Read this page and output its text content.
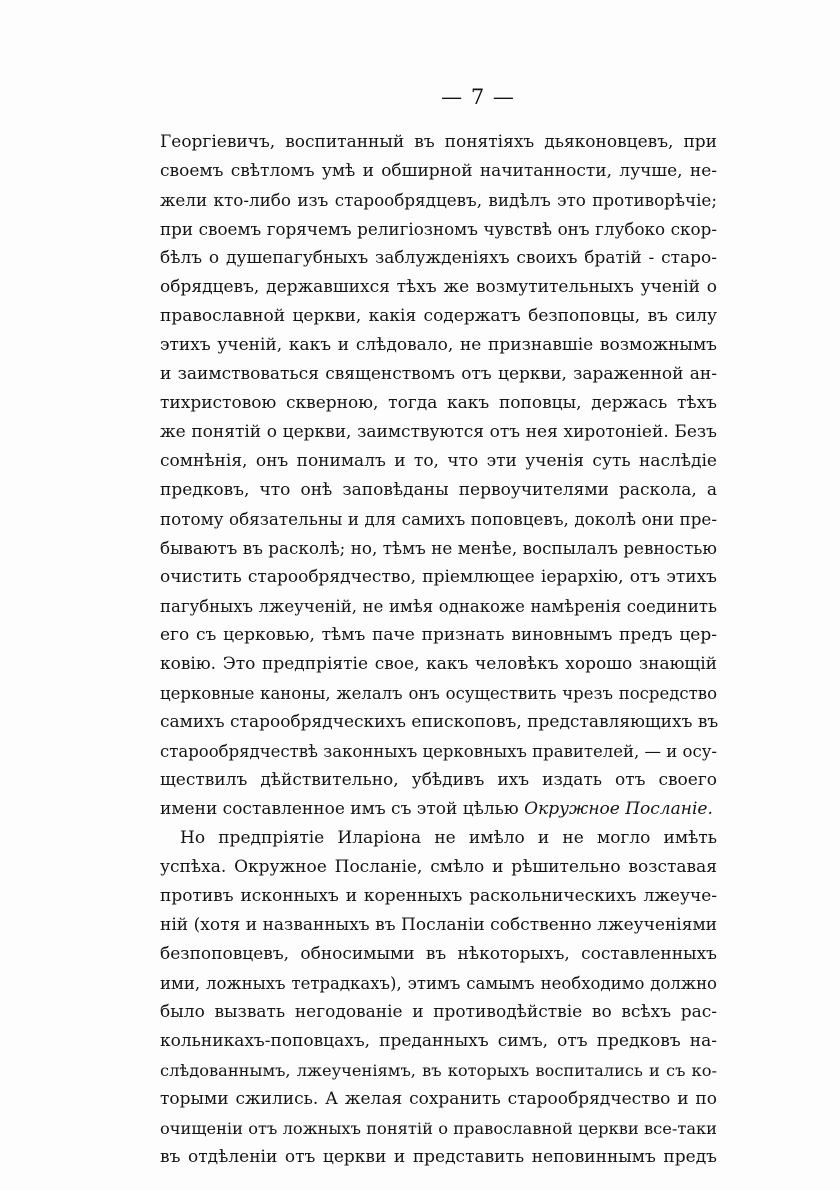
— 7 —
Георгіевичъ, воспитанный въ понятіяхъ дьяконовцевъ, при
своемъ свѣтломъ умѣ и обширной начитанности, лучше, не-
жели кто-либо изъ старообрядцевъ, видѣлъ это противорѣчіе;
при своемъ горячемъ религіозномъ чувствѣ онъ глубоко скор-
бѣлъ о душепагубныхъ заблужденіяхъ своихъ братій - старо-
обрядцевъ, державшихся тѣхъ же возмутительныхъ ученій о
православной церкви, какія содержатъ безпоповцы, въ силу
этихъ ученій, какъ и слѣдовало, не признавшіе возможнымъ
и заимствоваться священствомъ отъ церкви, зараженной ан-
тихристовою скверною, тогда какъ поповцы, держась тѣхъ
же понятій о церкви, заимствуются отъ нея хиротоніей. Безъ
сомнѣнія, онъ понималъ и то, что эти ученія суть наслѣдіе
предковъ, что онѣ заповѣданы первоучителями раскола, а
потому обязательны и для самихъ поповцевъ, доколѣ они пре-
бываютъ въ расколѣ; но, тѣмъ не менѣе, воспылалъ ревностью
очистить старообрядчество, пріемлющее іерархію, отъ этихъ
пагубныхъ лжеученій, не имѣя однакоже намѣренія соединить
его съ церковью, тѣмъ паче признать виновнымъ предъ цер-
ковію. Это предпріятіе свое, какъ человѣкъ хорошо знающій
церковные каноны, желалъ онъ осуществить чрезъ посредство
самихъ старообрядческихъ епископовъ, представляющихъ въ
старообрядчествѣ законныхъ церковныхъ правителей, — и осу-
ществилъ дѣйствительно, убѣдивъ ихъ издать отъ своего
имени составленное имъ съ этой цѣлью Окружное Посланіе.
Но предпріятіе Иларіона не имѣло и не могло имѣть
успѣха. Окружное Посланіе, смѣло и рѣшительно возставая
противъ исконныхъ и коренныхъ раскольническихъ лжеуче-
ній (хотя и названныхъ въ Посланіи собственно лжеученіями
безпоповцевъ, обносимыми въ нѣкоторыхъ, составленныхъ
ими, ложныхъ тетрадкахъ), этимъ самымъ необходимо должно
было вызвать негодованіе и противодѣйствіе во всѣхъ рас-
кольникахъ-поповцахъ, преданныхъ симъ, отъ предковъ на-
слѣдованнымъ, лжеученіямъ, въ которыхъ воспитались и съ ко-
торыми сжились. А желая сохранить старообрядчество и по
очищеніи отъ ложныхъ понятій о православной церкви все-таки
въ отдѣленіи отъ церкви и представить неповиннымъ предъ
